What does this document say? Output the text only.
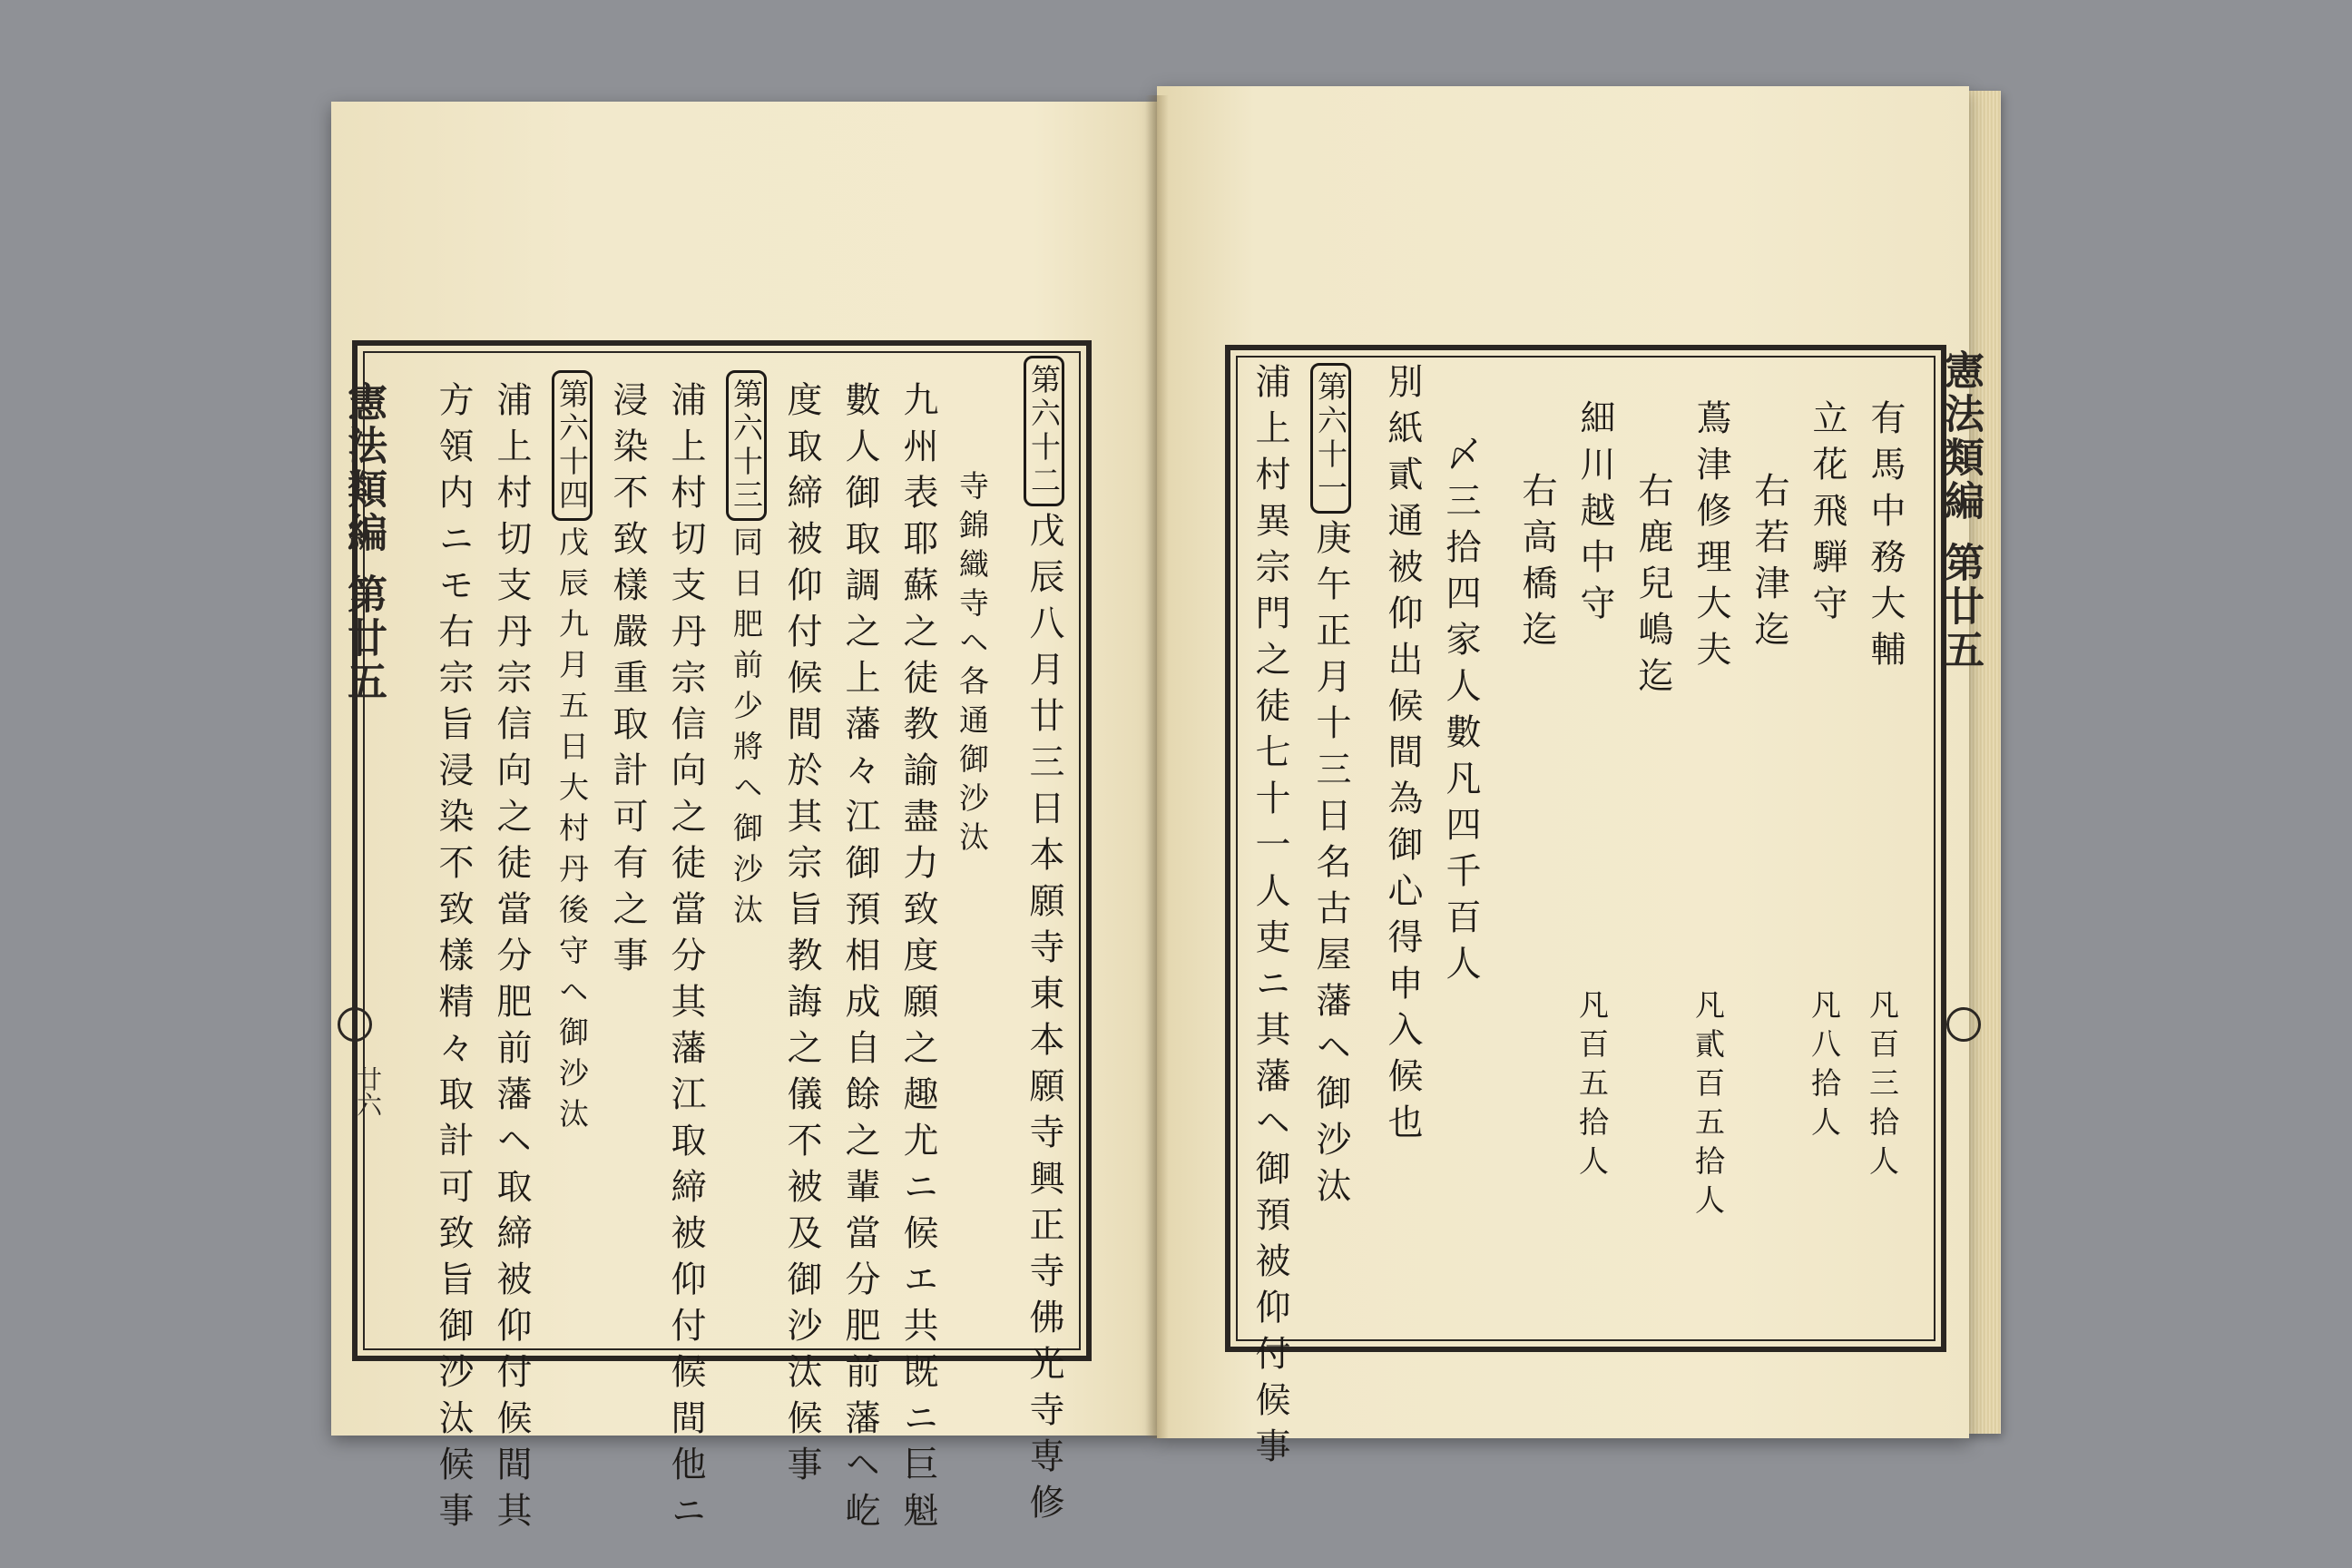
憲法類編第廿五
廿六
第六十二戊辰八月廿三日本願寺東本願寺興正寺佛光寺専修
寺錦織寺ヘ各通御沙汰
九州表耶蘇之徒教諭盡力致度願之趣尤ニ候エ共既ニ巨魁
數人御取調之上藩々江御預相成自餘之輩當分肥前藩ヘ屹
度取締被仰付候間於其宗旨教誨之儀不被及御沙汰候事
第六十三同日肥前少將ヘ御沙汰
浦上村切支丹宗信向之徒當分其藩江取締被仰付候間他ニ
浸染不致樣嚴重取計可有之事
第六十四戊辰九月五日大村丹後守ヘ御沙汰
浦上村切支丹宗信向之徒當分肥前藩ヘ取締被仰付候間其
方領内ニモ右宗旨浸染不致樣精々取計可致旨御沙汰候事	憲法類編第廿五
有馬中務大輔
凡百三拾人
立花飛騨守
凡八拾人
右若津迄
蔦津修理大夫
凡貳百五拾人
右鹿兒嶋迄
細川越中守
凡百五拾人
右高橋迄
〆三拾四家人數凡四千百人
別紙貳通被仰出候間為御心得申入候也
第六十一庚午正月十三日名古屋藩ヘ御沙汰
浦上村異宗門之徒七十一人吏ニ其藩ヘ御預被仰付候事
